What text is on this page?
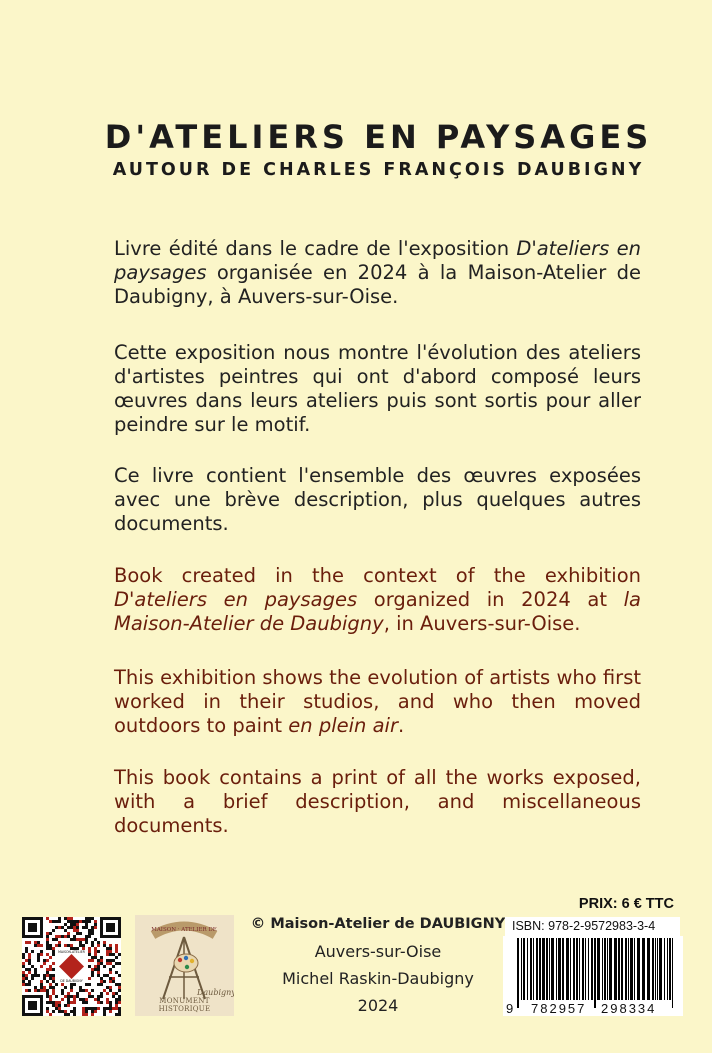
D'ATELIERS EN PAYSAGES
AUTOUR DE CHARLES FRANÇOIS DAUBIGNY

Livre édité dans le cadre de l'exposition D'ateliers en paysages organisée en 2024 à la Maison-Atelier de Daubigny, à Auvers-sur-Oise.

Cette exposition nous montre l'évolution des ateliers d'artistes peintres qui ont d'abord composé leurs œuvres dans leurs ateliers puis sont sortis pour aller peindre sur le motif.

Ce livre contient l'ensemble des œuvres exposées avec une brève description, plus quelques autres documents.

Book created in the context of the exhibition D'ateliers en paysages organized in 2024 at la Maison-Atelier de Daubigny, in Auvers-sur-Oise.

This exhibition shows the evolution of artists who first worked in their studios, and who then moved outdoors to paint en plein air.

This book contains a print of all the works exposed, with a brief description, and miscellaneous documents.

MAISON-ATELIER
DE DAUBIGNY
MAISON · ATELIER DE
Daubigny
MONUMENT HISTORIQUE

© Maison-Atelier de DAUBIGNY

Auvers-sur-Oise

Michel Raskin-Daubigny

2024

PRIX: 6 € TTC

ISBN: 978-2-9572983-3-4

9 782957 298334
